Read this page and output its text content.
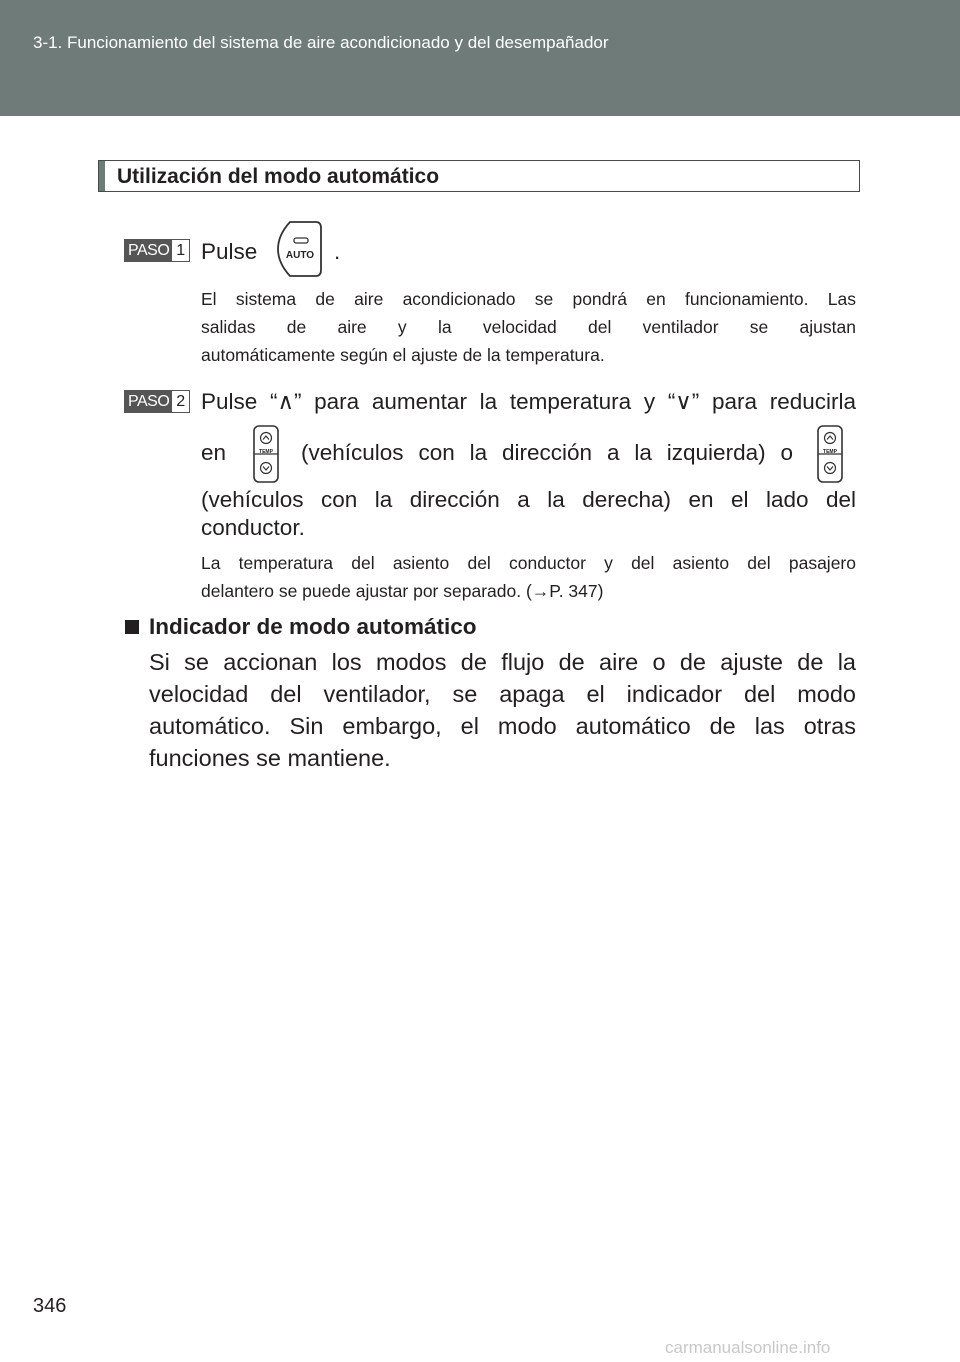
3-1. Funcionamiento del sistema de aire acondicionado y del desempañador
Utilización del modo automático
PASO 1 Pulse	AUTO .
El sistema de aire acondicionado se pondrá en funcionamiento. Las
salidas de aire y la velocidad del ventilador se ajustan
automáticamente según el ajuste de la temperatura.
PASO 2 Pulse “∧” para aumentar la temperatura y “∨” para reducirla
en	TEMP (vehículos con la dirección a la izquierda) o	TEMP
(vehículos con la dirección a la derecha) en el lado del
conductor.
La temperatura del asiento del conductor y del asiento del pasajero
delantero se puede ajustar por separado. (→P. 347)
Indicador de modo automático
Si se accionan los modos de flujo de aire o de ajuste de la
velocidad del ventilador, se apaga el indicador del modo
automático. Sin embargo, el modo automático de las otras
funciones se mantiene.
346
carmanualsonline.info
